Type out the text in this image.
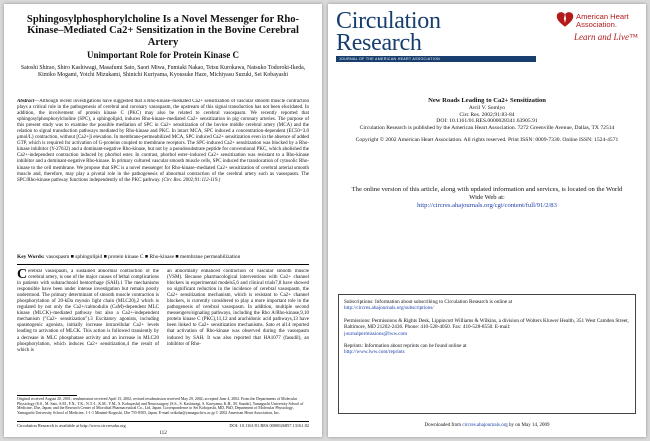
Sphingosylphosphorylcholine Is a Novel Messenger for Rho-Kinase–Mediated Ca2+ Sensitization in the Bovine Cerebral Artery
Unimportant Role for Protein Kinase C
Satoshi Shirao, Shiro Kashiwagi, Masafumi Sato, Saori Miwa, Fumiaki Nakao, Tetsu Kurokawa, Natsuko Todoroki-Ikeda, Kimiko Mogami, Yoichi Mizukami, Shinichi Kuriyama, Kyousuke Haze, Michiyasu Suzuki, Sei Kobayashi
Abstract—Although recent investigations have suggested that a Rho-kinase–mediated Ca2+ sensitization of vascular smooth muscle contraction plays a critical role in the pathogenesis of cerebral and coronary vasospasm, the upstream of this signal transduction has not been elucidated. In addition, the involvement of protein kinase C (PKC) may also be related to cerebral vasospasm. We recently reported that sphingosylphosphorylcholine (SPC), a sphingolipid, induces Rho-kinase–mediated Ca2+ sensitization in pig coronary arteries. The purpose of this present study was to examine the possible mediation of SPC in Ca2+ sensitization of the bovine middle cerebral artery (MCA) and the relation to signal transduction pathways mediated by Rho-kinase and PKC. In intact MCA, SPC induced a concentration-dependent (EC50=3.0 μmol/L) contraction, without [Ca2+]i elevation. In membrane-permeabilized MCA, SPC induced Ca2+ sensitization even in the absence of added GTP, which is required for activation of G-proteins coupled to membrane receptors. The SPC-induced Ca2+ sensitization was blocked by a Rho-kinase inhibitor (Y-27632) and a dominant-negative Rho-kinase, but not by a pseudosubstrate peptide for conventional PKC, which abolished the Ca2+-independent contraction induced by phorbol ester. In contrast, phorbol ester–induced Ca2+ sensitization was resistant to a Rho-kinase inhibitor and a dominant-negative Rho-kinase. In primary cultured vascular smooth muscle cells, SPC induced the translocation of cytosolic Rho-kinase to the cell membrane. We propose that SPC is a novel messenger for Rho-kinase–mediated Ca2+ sensitization of cerebral arterial smooth muscle and, therefore, may play a pivotal role in the pathogenesis of abnormal contraction of the cerebral artery such as vasospasm. The SPC/Rho-kinase pathway functions independently of the PKC pathway. (Circ Res. 2002;91:112-119.)
Key Words: vasospasm ■ sphingolipid ■ protein kinase C ■ Rho-kinase ■ membrane permeabilization
Cerebral vasospasm, a sustained abnormal contraction of the cerebral artery, is one of the major causes of lethal complications in patients with subarachnoid hemorrhage (SAH).1 The mechanisms responsible have been under intense investigation but remain poorly understood. The primary determinant of smooth muscle contraction is phosphorylation of 20-kDa myosin light chain (MLC20),2 which is regulated by not only the Ca2+/calmodulin (CaM)-dependent MLC kinase (MLCK)–mediated pathway but also a Ca2+-independent mechanism ("Ca2+ sensitization").3 Excitatory agonists, including spasmogenic agonists, initially increase intracellular Ca2+ levels leading to activation of MLCK. This action is followed transiently by a decrease in MLC phosphatase activity and an increase in MLC20 phosphorylation, which induces Ca2+ sensitization,4 the result of which is
an abnormally enhanced contraction of vascular smooth muscle (VSM). Because pharmacological interventions with Ca2+ channel blockers in experimental models5,6 and clinical trials7,8 have showed no significant reduction in the incidence of cerebral vasospasm, the Ca2+ sensitization mechanism, which is resistant to Ca2+ channel blockers, is currently considered to play a more important role in the pathogenesis of cerebral vasospasm. In addition, multiple second messengers/signaling pathways, including the Rho A/Rho-kinase,9,10 protein kinase C (PKC),11,12 and arachidonic acid pathways,13 have been linked to Ca2+ sensitization mechanisms. Sato et al14 reported that activation of Rho-kinase was observed during the vasospasm induced by SAH. It was also reported that HA1077 (fasudil), an inhibitor of Rho-
Original received August 20, 2001; resubmission received April 15, 2002; revised resubmission received May 29, 2002; accepted June 4, 2002. From the Departments of Molecular Physiology (S.S., M. Sato, S.M., F.N., T.K., N.T.-I., K.M., Y.M., S. Kobayashi) and Neurosurgery (S.S., S. Kashiwagi, S. Kuriyama, K.H., M. Suzuki), Yamaguchi University School of Medicine, Ube, Japan; and the Research Center of Microbial Pharmaceutical Co., Ltd, Japan. Correspondence to Sei Kobayashi, MD, PhD, Department of Molecular Physiology, Yamaguchi University School of Medicine, 1-1-1 Minami-Kogushi, Ube 755-8505, Japan. E-mail seikoba@yamaguchi-u.ac.jp © 2002 American Heart Association, Inc.
Circulation Research is available at http://www.circresaha.org	DOI: 10.1161/01.RES.0000026857.13161.82
112
Circulation
Research
JOURNAL OF THE AMERICAN HEART ASSOCIATION
American Heart
Association.
Learn and Live™
New Roads Leading to Ca2+ Sensitization
Avril V. Somlyo
Circ Res. 2002;91:83-84
DOI: 10.1161/01.RES.0000028341.63905.91
Circulation Research is published by the American Heart Association. 7272 Greenville Avenue, Dallas, TX 72514
Copyright © 2002 American Heart Association. All rights reserved. Print ISSN: 0009-7330. Online ISSN: 1524-4571
The online version of this article, along with updated information and services, is located on the World Wide Web at:
http://circres.ahajournals.org/cgi/content/full/91/2/83

Subscriptions: Information about subscribing to Circulation Research is online at
http://circres.ahajournals.org/subscriptions/

Permissions: Permissions & Rights Desk, Lippincott Williams & Wilkins, a division of Wolters Kluwer Health, 351 West Camden Street, Baltimore, MD 21202-2436. Phone: 410-528-4050. Fax: 410-528-8550. E-mail:
journalpermissions@lww.com

Reprints: Information about reprints can be found online at
http://www.lww.com/reprints

Downloaded from circres.ahajournals.org by on May 14, 2009
